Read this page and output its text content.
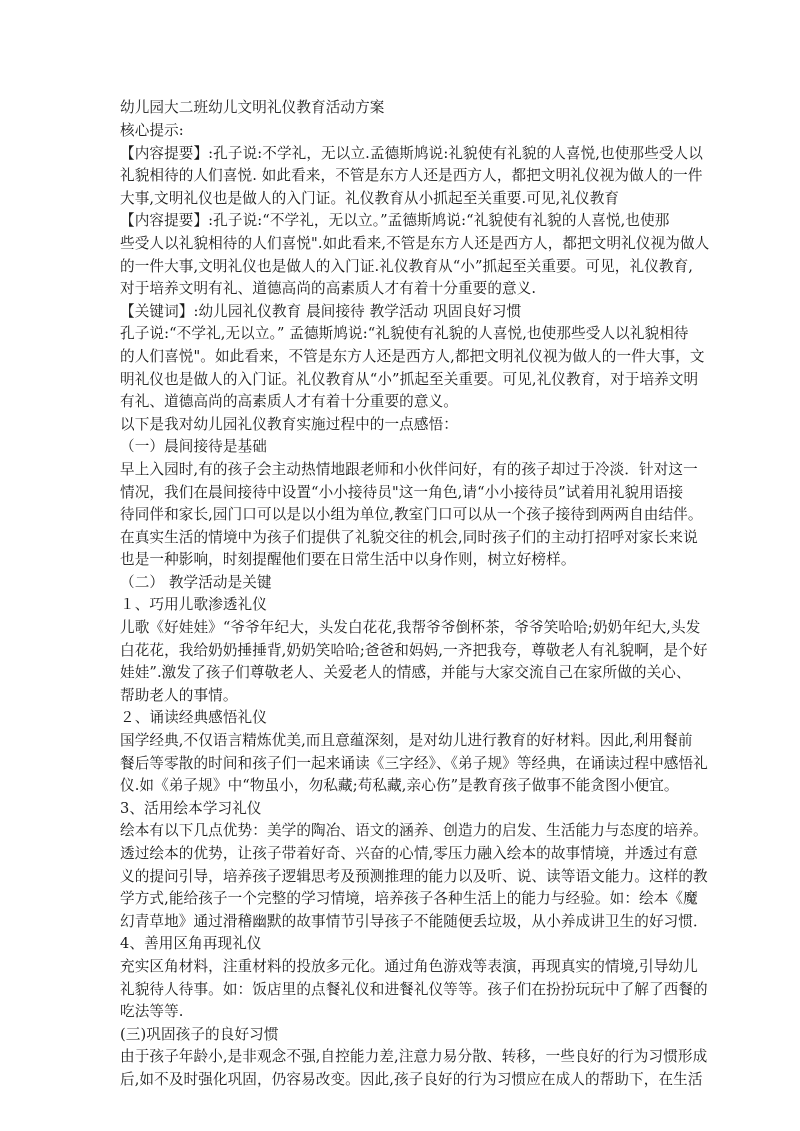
幼儿园大二班幼儿文明礼仪教育活动方案
核心提示:
【内容提要】:孔子说:不学礼，无以立.孟德斯鸠说:礼貌使有礼貌的人喜悦,也使那些受人以
礼貌相待的人们喜悦. 如此看来，不管是东方人还是西方人，都把文明礼仪视为做人的一件
大事,文明礼仪也是做人的入门证。礼仪教育从小抓起至关重要.可见,礼仪教育
【内容提要】:孔子说:“不学礼，无以立。”孟德斯鸠说:“礼貌使有礼貌的人喜悦,也使那
些受人以礼貌相待的人们喜悦".如此看来,不管是东方人还是西方人，都把文明礼仪视为做人
的一件大事,文明礼仪也是做人的入门证.礼仪教育从“小”抓起至关重要。可见，礼仪教育,
对于培养文明有礼、道德高尚的高素质人才有着十分重要的意义.
【关键词】:幼儿园礼仪教育 晨间接待 教学活动 巩固良好习惯
孔子说:“不学礼,无以立。” 孟德斯鸠说:“礼貌使有礼貌的人喜悦,也使那些受人以礼貌相待
的人们喜悦"。如此看来，不管是东方人还是西方人,都把文明礼仪视为做人的一件大事，文
明礼仪也是做人的入门证。礼仪教育从“小”抓起至关重要。可见,礼仪教育，对于培养文明
有礼、道德高尚的高素质人才有着十分重要的意义。
以下是我对幼儿园礼仪教育实施过程中的一点感悟：
（一）晨间接待是基础
早上入园时,有的孩子会主动热情地跟老师和小伙伴问好，有的孩子却过于冷淡．针对这一
情况，我们在晨间接待中设置“小小接待员"这一角色,请“小小接待员”试着用礼貌用语接
待同伴和家长,园门口可以是以小组为单位,教室门口可以从一个孩子接待到两两自由结伴。
在真实生活的情境中为孩子们提供了礼貌交往的机会,同时孩子们的主动打招呼对家长来说
也是一种影响，时刻提醒他们要在日常生活中以身作则，树立好榜样。
（二） 教学活动是关键
１、巧用儿歌渗透礼仪
儿歌《好娃娃》“爷爷年纪大，头发白花花,我帮爷爷倒杯茶，爷爷笑哈哈;奶奶年纪大,头发
白花花，我给奶奶捶捶背,奶奶笑哈哈;爸爸和妈妈,一齐把我夸，尊敬老人有礼貌啊，是个好
娃娃”.激发了孩子们尊敬老人、关爱老人的情感，并能与大家交流自己在家所做的关心、
帮助老人的事情。
２、诵读经典感悟礼仪
国学经典,不仅语言精炼优美,而且意蕴深刻，是对幼儿进行教育的好材料。因此,利用餐前
餐后等零散的时间和孩子们一起来诵读《三字经》、《弟子规》等经典，在诵读过程中感悟礼
仪.如《弟子规》中“物虽小，勿私藏;苟私藏,亲心伤”是教育孩子做事不能贪图小便宜。
3、活用绘本学习礼仪
绘本有以下几点优势：美学的陶冶、语文的涵养、创造力的启发、生活能力与态度的培养。
透过绘本的优势，让孩子带着好奇、兴奋的心情,零压力融入绘本的故事情境，并透过有意
义的提问引导，培养孩子逻辑思考及预测推理的能力以及听、说、读等语文能力。这样的教
学方式,能给孩子一个完整的学习情境，培养孩子各种生活上的能力与经验。如：绘本《魔
幻青草地》通过滑稽幽默的故事情节引导孩子不能随便丢垃圾，从小养成讲卫生的好习惯．
4、善用区角再现礼仪
充实区角材料，注重材料的投放多元化。通过角色游戏等表演，再现真实的情境,引导幼儿
礼貌待人待事。如：饭店里的点餐礼仪和进餐礼仪等等。孩子们在扮扮玩玩中了解了西餐的
吃法等等.
(三)巩固孩子的良好习惯
由于孩子年龄小,是非观念不强,自控能力差,注意力易分散、转移，一些良好的行为习惯形成
后,如不及时强化巩固，仍容易改变。因此,孩子良好的行为习惯应在成人的帮助下，在生活
